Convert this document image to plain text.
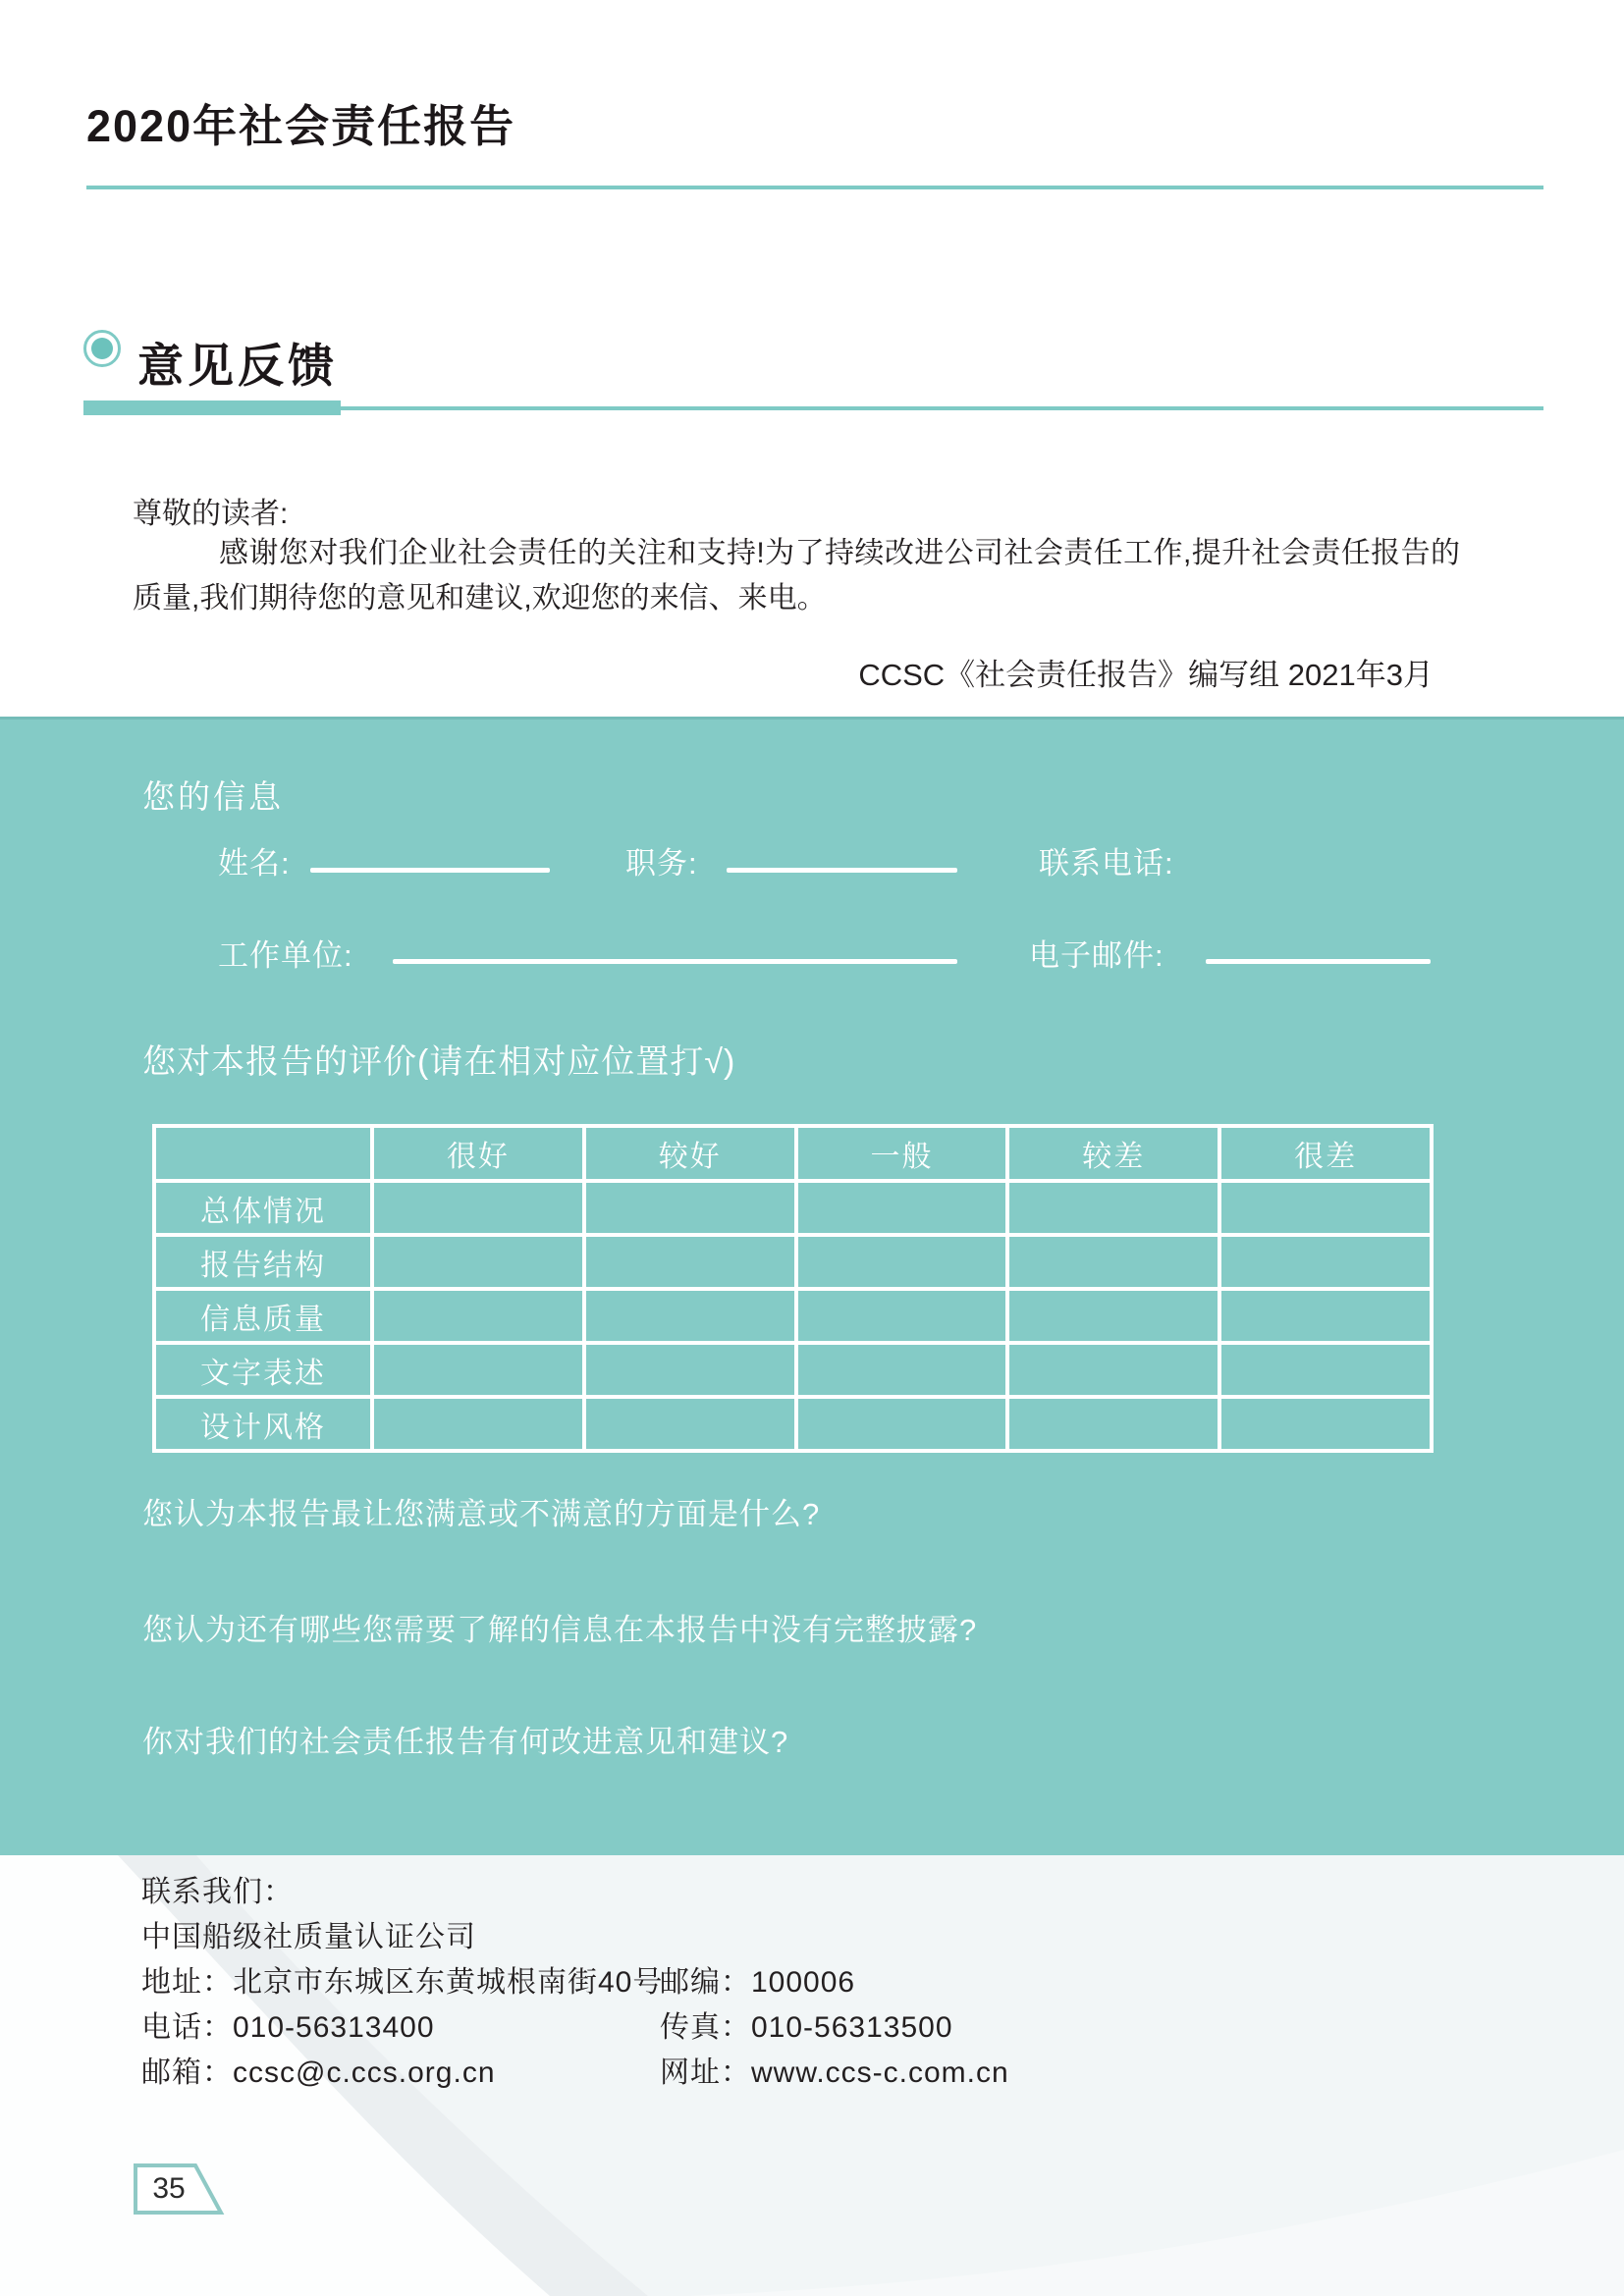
2020年社会责任报告
意见反馈
尊敬的读者:
感谢您对我们企业社会责任的关注和支持!为了持续改进公司社会责任工作,提升社会责任报告的质量,我们期待您的意见和建议,欢迎您的来信、来电。
CCSC《社会责任报告》编写组 2021年3月
您的信息
姓名:	职务:	联系电话:
工作单位:	电子邮件:
您对本报告的评价(请在相对应位置打√)
	很好	较好	一般	较差	很差
总体情况					
报告结构					
信息质量					
文字表述					
设计风格					
您认为本报告最让您满意或不满意的方面是什么?
您认为还有哪些您需要了解的信息在本报告中没有完整披露?
你对我们的社会责任报告有何改进意见和建议?
联系我们：
中国船级社质量认证公司
地址：北京市东城区东黄城根南街40号
邮编：100006
电话：010-56313400	传真：010-56313500
邮箱：ccsc@c.ccs.org.cn	网址：www.ccs-c.com.cn
35
